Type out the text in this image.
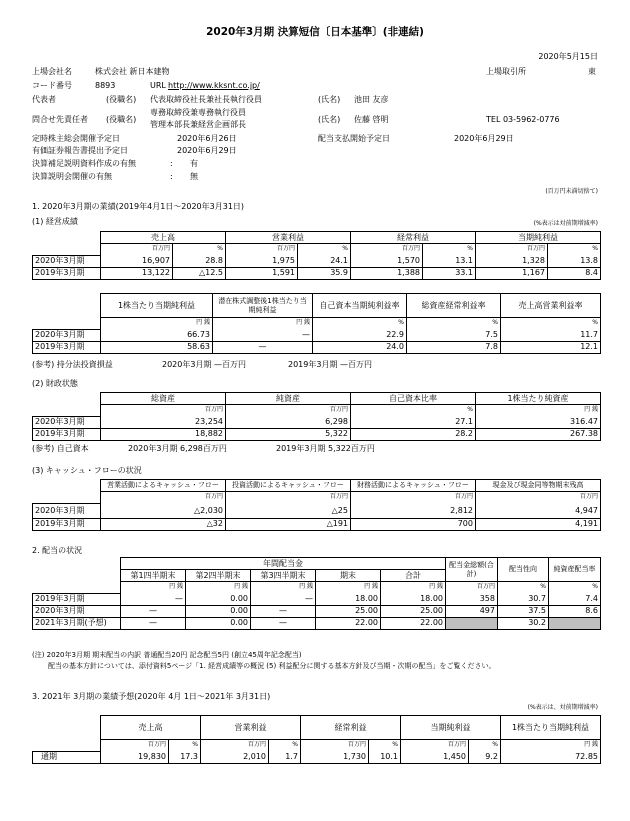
2020年3月期 決算短信〔日本基準〕(非連結)
2020年5月15日
上場会社名	株式会社 新日本建物	上場取引所	東
コード番号	8893	URL http://www.kksnt.co.jp/
代表者	(役職名) 代表取締役社長兼社長執行役員	(氏名) 池田 友彦
問合せ先責任者 (役職名)
専務取締役兼専務執行役員
管理本部長兼経営企画部長
(氏名) 佐藤 啓明	TEL 03-5962-0776
定時株主総会開催予定日	2020年6月26日	配当支払開始予定日	2020年6月29日
有価証券報告書提出予定日	2020年6月29日
決算補足説明資料作成の有無	: 有
決算説明会開催の有無	: 無
(百万円未満切捨て)
1. 2020年3月期の業績(2019年4月1日～2020年3月31日)
(1) 経営成績	(%表示は対前期増減率)
	売上高		営業利益		経常利益		当期純利益	
	百万円	%	百万円	%	百万円	%	百万円	%
2020年3月期	16,907	28.8	1,975	24.1	1,570	13.1	1,328	13.8
2019年3月期	13,122	△12.5	1,591	35.9	1,388	33.1	1,167	8.4
	1株当たり当期純利益	潜在株式調整後1株当たり当期純利益	自己資本当期純利益率	総資産経常利益率	売上高営業利益率
	円 銭	円 銭	%	%	%
2020年3月期	66.73	—	22.9	7.5	11.7
2019年3月期	58.63	—	24.0	7.8	12.1
(参考) 持分法投資損益	2020年3月期 —百万円	2019年3月期 —百万円
(2) 財政状態
	総資産	純資産	自己資本比率	1株当たり純資産
	百万円	百万円	%	円 銭
2020年3月期	23,254	6,298	27.1	316.47
2019年3月期	18,882	5,322	28.2	267.38
(参考) 自己資本	2020年3月期 6,298百万円	2019年3月期 5,322百万円
(3) キャッシュ・フローの状況
	営業活動によるキャッシュ・フロー	投資活動によるキャッシュ・フロー	財務活動によるキャッシュ・フロー	現金及び現金同等物期末残高
	百万円	百万円	百万円	百万円
2020年3月期	△2,030	△25	2,812	4,947
2019年3月期	△32	△191	700	4,191
2. 配当の状況
	年間配当金					配当金総額(合計)	配当性向	純資産配当率
	第1四半期末	第2四半期末	第3四半期末	期末	合計			
	円 銭	円 銭	円 銭	円 銭	円 銭	百万円	%	%
2019年3月期	—	0.00	—	18.00	18.00	358	30.7	7.4
2020年3月期	—	0.00	—	25.00	25.00	497	37.5	8.6
2021年3月期(予想)	—	0.00	—	22.00	22.00		30.2	
(注) 2020年3月期 期末配当の内訳 普通配当20円 記念配当5円 (創立45周年記念配当)
配当の基本方針については、添付資料5ページ「1. 経営成績等の概況 (5) 利益配分に関する基本方針及び当期・次期の配当」をご覧ください。
3. 2021年 3月期の業績予想(2020年 4月 1日～2021年 3月31日)
(%表示は、対前期増減率)
	売上高		営業利益		経常利益		当期純利益		1株当たり当期純利益
	百万円	%	百万円	%	百万円	%	百万円	%	円 銭
通期	19,830	17.3	2,010	1.7	1,730	10.1	1,450	9.2	72.85
